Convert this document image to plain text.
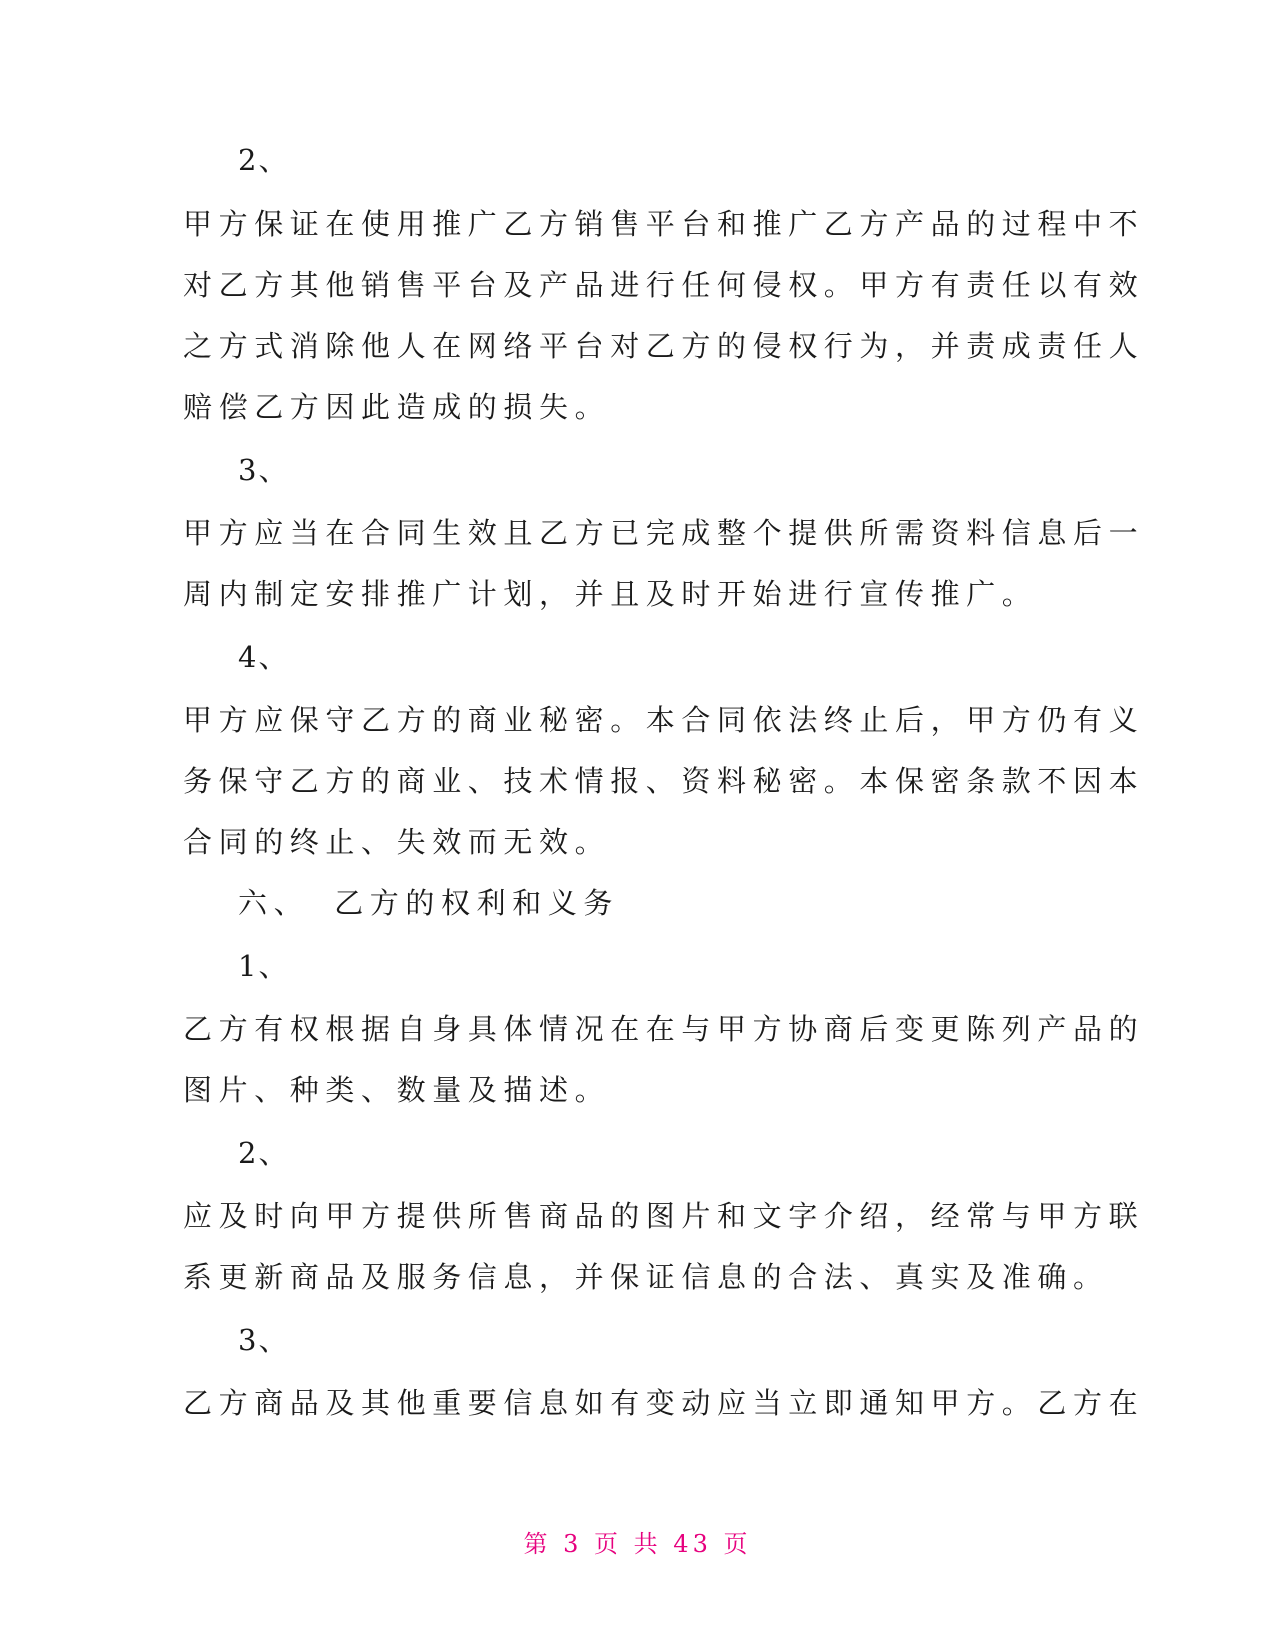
2、

甲方保证在使用推广乙方销售平台和推广乙方产品的过程中不

对乙方其他销售平台及产品进行任何侵权。甲方有责任以有效

之方式消除他人在网络平台对乙方的侵权行为，并责成责任人

赔偿乙方因此造成的损失。

3、

甲方应当在合同生效且乙方已完成整个提供所需资料信息后一

周内制定安排推广计划，并且及时开始进行宣传推广。

4、

甲方应保守乙方的商业秘密。本合同依法终止后，甲方仍有义

务保守乙方的商业、技术情报、资料秘密。本保密条款不因本

合同的终止、失效而无效。

六、 乙方的权利和义务

1、

乙方有权根据自身具体情况在在与甲方协商后变更陈列产品的

图片、种类、数量及描述。

2、

应及时向甲方提供所售商品的图片和文字介绍，经常与甲方联

系更新商品及服务信息，并保证信息的合法、真实及准确。

3、

乙方商品及其他重要信息如有变动应当立即通知甲方。乙方在

第 3 页 共 43 页
